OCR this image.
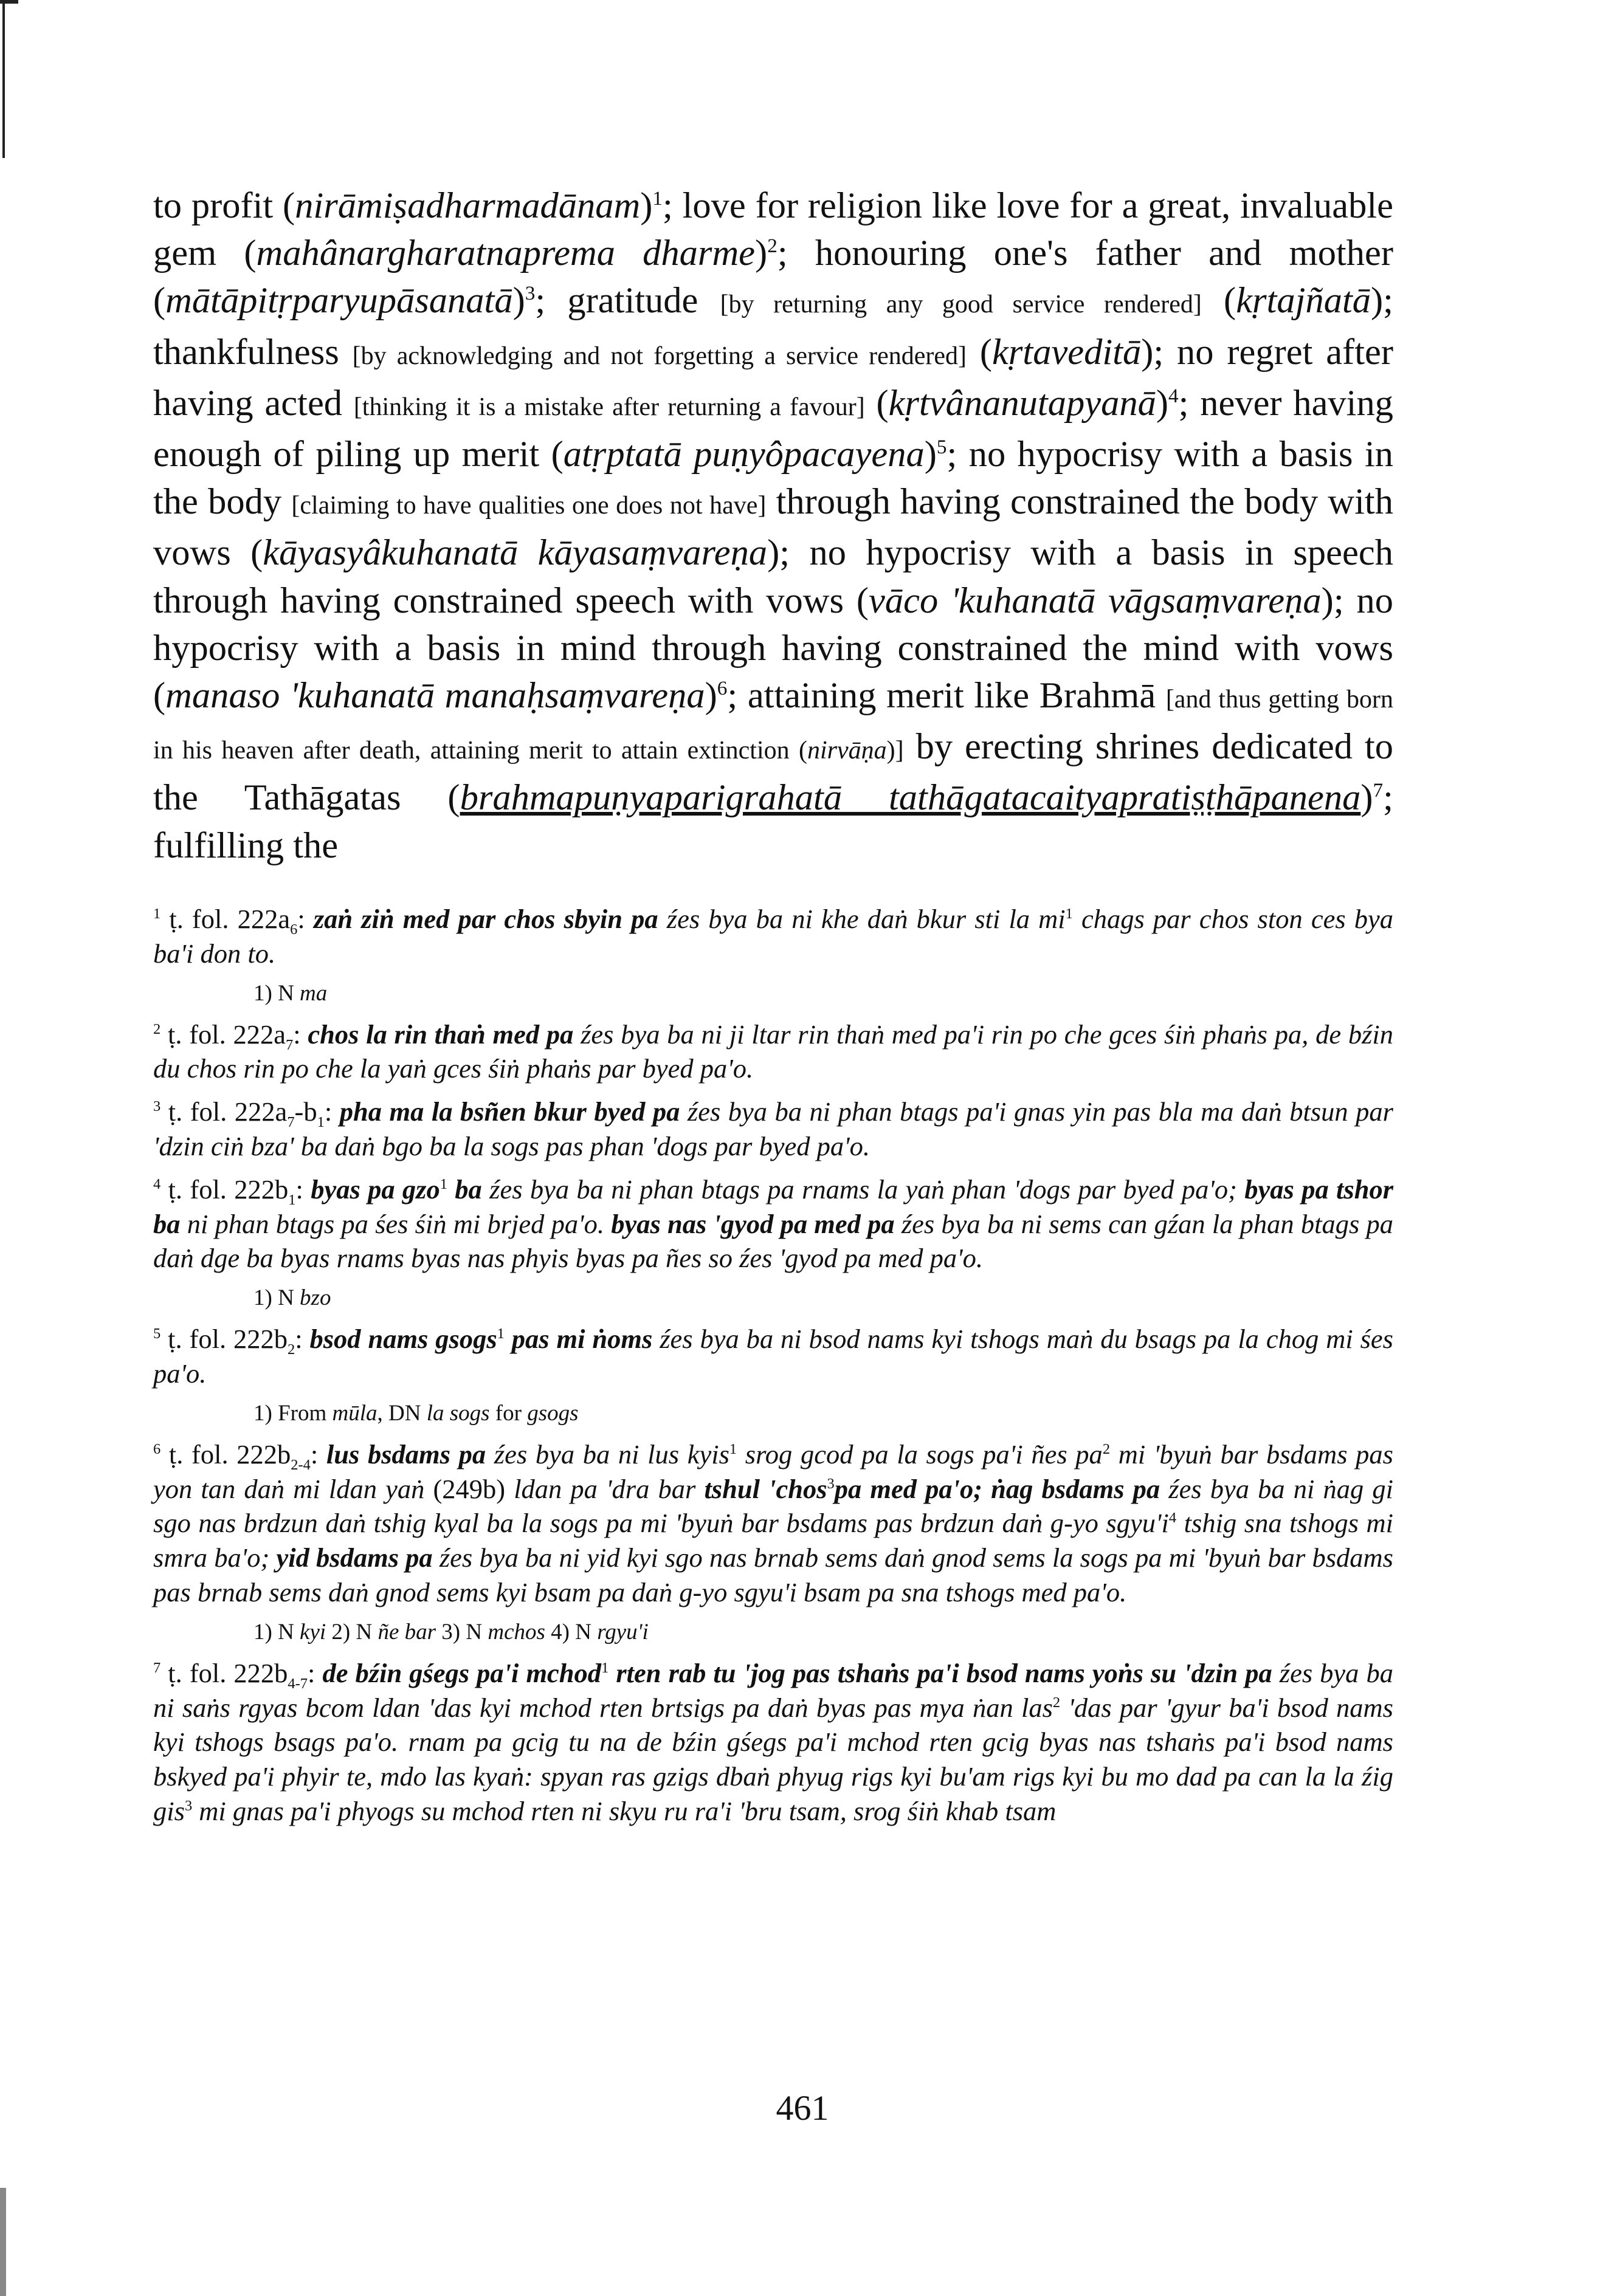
to profit (nirāmiṣadharmadānam)$^1$; love for religion like love for a great, invaluable gem (mahânargharatnaprema dharme)$^2$; honouring one's father and mother (mātāpitṛparyupāsanatā)$^3$; gratitude [by returning any good service rendered] (kṛtajñatā); thankfulness [by acknowledging and not forgetting a service rendered] (kṛtaveditā); no regret after having acted [thinking it is a mistake after returning a favour] (kṛtvânanutapyanā)$^4$; never having enough of piling up merit (atṛptatā puṇyôpacayena)$^5$; no hypocrisy with a basis in the body [claiming to have qualities one does not have] through having constrained the body with vows (kāyasyâkuhanatā kāyasaṃvareṇa); no hypocrisy with a basis in speech through having constrained speech with vows (vāco 'kuhanatā vāgsaṃvareṇa); no hypocrisy with a basis in mind through having constrained the mind with vows (manaso 'kuhanatā manaḥsaṃvareṇa)$^6$; attaining merit like Brahmā [and thus getting born in his heaven after death, attaining merit to attain extinction (nirvāṇa)] by erecting shrines dedicated to the Tathāgatas (brahmapuṇyaparigrahatā tathāgatacaityapratiṣṭhāpanena)$^7$; fulfilling the

$^1$ ṭ. fol. $222a_6$: zaṅ ziṅ med par chos sbyin pa źes bya ba ni khe daṅ bkur sti la $mi^1$ chags par chos ston ces bya ba'i don to.

1) N ma

$^2$ ṭ. fol. $222a_7$: chos la rin thaṅ med pa źes bya ba ni ji ltar rin thaṅ med pa'i rin po che gces śiṅ phaṅs pa, de bźin du chos rin po che la yaṅ gces śiṅ phaṅs par byed pa'o.

$^3$ ṭ. fol. $222a_7-b_1$: pha ma la bsñen bkur byed pa źes bya ba ni phan btags pa'i gnas yin pas bla ma daṅ btsun par 'dzin ciṅ bza' ba daṅ bgo ba la sogs pas phan 'dogs par byed pa'o.

$^4$ ṭ. fol. $222b_1$: byas pa gzo$^1$ ba źes bya ba ni phan btags pa rnams la yaṅ phan 'dogs par byed pa'o; byas pa tshor ba ni phan btags pa śes śiṅ mi brjed pa'o. byas nas 'gyod pa med pa źes bya ba ni sems can gźan la phan btags pa daṅ dge ba byas rnams byas nas phyis byas pa ñes so źes 'gyod pa med pa'o.

1) N bzo

$^5$ ṭ. fol. $222b_2$: bsod nams gsogs$^1$ pas mi ṅoms źes bya ba ni bsod nams kyi tshogs maṅ du bsags pa la chog mi śes pa'o.

1) From mūla, DN la sogs for gsogs

$^6$ ṭ. fol. $222b_{2-4}$: lus bsdams pa źes bya ba ni lus kyis$^1$ srog gcod pa la sogs pa'i ñes $pa^2$ mi 'byuṅ bar bsdams pas yon tan daṅ mi ldan yaṅ (249b) ldan pa 'dra bar tshul 'chos$^3$pa med pa'o; ṅag bsdams pa źes bya ba ni ṅag gi sgo nas brdzun daṅ tshig kyal ba la sogs pa mi 'byuṅ bar bsdams pas brdzun daṅ g-yo $sgyu'i^4$ tshig sna tshogs mi smra ba'o; yid bsdams pa źes bya ba ni yid kyi sgo nas brnab sems daṅ gnod sems la sogs pa mi 'byuṅ bar bsdams pas brnab sems daṅ gnod sems kyi bsam pa daṅ g-yo sgyu'i bsam pa sna tshogs med pa'o.

1) N kyi 2) N ñe bar 3) N mchos 4) N rgyu'i

$^7$ ṭ. fol. $222b_{4-7}$: de bźin gśegs pa'i mchod$^1$ rten rab tu 'jog pas tshaṅs pa'i bsod nams yoṅs su 'dzin pa źes bya ba ni saṅs rgyas bcom ldan 'das kyi mchod rten brtsigs pa daṅ byas pas mya ṅan las$^2$ 'das par 'gyur ba'i bsod nams kyi tshogs bsags pa'o. rnam pa gcig tu na de bźin gśegs pa'i mchod rten gcig byas nas tshaṅs pa'i bsod nams bskyed pa'i phyir te, mdo las kyaṅ: spyan ras gzigs dbaṅ phyug rigs kyi bu'am rigs kyi bu mo dad pa can la la źig gis$^3$ mi gnas pa'i phyogs su mchod rten ni skyu ru ra'i 'bru tsam, srog śiṅ khab tsam

461
